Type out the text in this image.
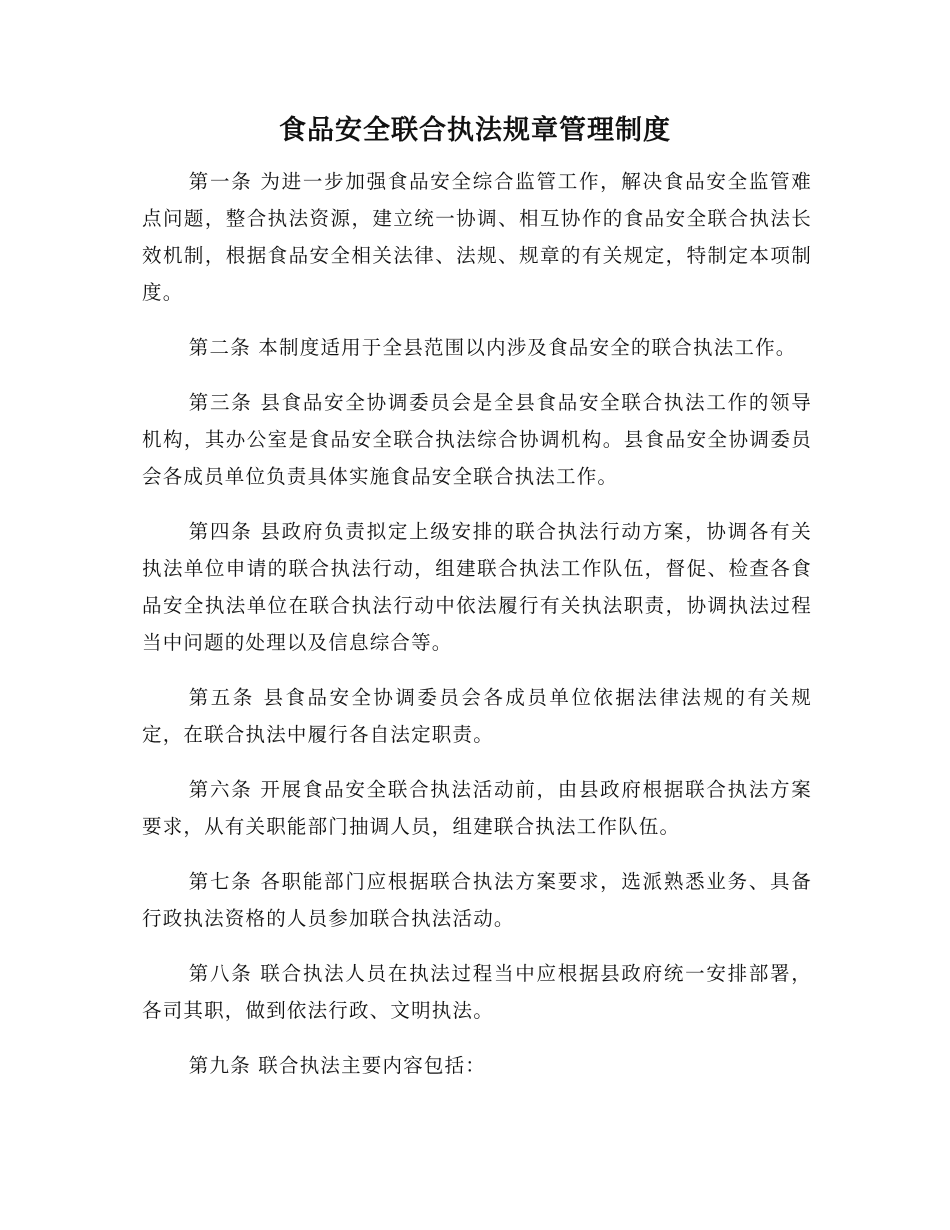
食品安全联合执法规章管理制度

第一条 为进一步加强食品安全综合监管工作，解决食品安全监管难点问题，整合执法资源，建立统一协调、相互协作的食品安全联合执法长效机制，根据食品安全相关法律、法规、规章的有关规定，特制定本项制度。

第二条 本制度适用于全县范围以内涉及食品安全的联合执法工作。

第三条 县食品安全协调委员会是全县食品安全联合执法工作的领导机构，其办公室是食品安全联合执法综合协调机构。县食品安全协调委员会各成员单位负责具体实施食品安全联合执法工作。

第四条 县政府负责拟定上级安排的联合执法行动方案，协调各有关执法单位申请的联合执法行动，组建联合执法工作队伍，督促、检查各食品安全执法单位在联合执法行动中依法履行有关执法职责，协调执法过程当中问题的处理以及信息综合等。

第五条 县食品安全协调委员会各成员单位依据法律法规的有关规定，在联合执法中履行各自法定职责。

第六条 开展食品安全联合执法活动前，由县政府根据联合执法方案要求，从有关职能部门抽调人员，组建联合执法工作队伍。

第七条 各职能部门应根据联合执法方案要求，选派熟悉业务、具备行政执法资格的人员参加联合执法活动。

第八条 联合执法人员在执法过程当中应根据县政府统一安排部署，各司其职，做到依法行政、文明执法。

第九条 联合执法主要内容包括：
